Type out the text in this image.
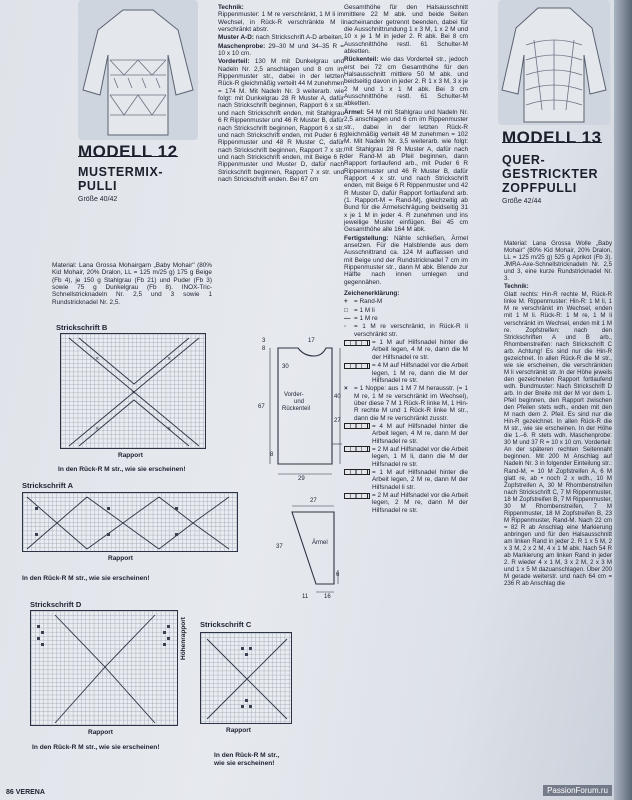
MODELL 12
MUSTERMIX-
PULLI
Größe 40/42

Material: Lana Grossa Mohairgarn „Baby Mohair" (80% Kid Mohair, 20% Dralon, LL = 125 m/25 g) 175 g Beige (Fb 4), je 150 g Stahlgrau (Fb 21) und Puder (Fb 3) sowie 75 g Dunkelgrau (Fb 8). INOX-Tric-Schnellstricknadeln Nr. 2,5 und 3 sowie 1 Rundstricknadel Nr. 2,5.

Technik:
Rippenmuster: 1 M re verschränkt, 1 M li im Wechsel, in Rück-R verschränkte M li verschränkt abstr.

Muster A-D: nach Strickschrift A-D arbeiten.

Maschenprobe: 29–30 M und 34–35 R = 10 x 10 cm.

Vorderteil: 130 M mit Dunkelgrau und Nadeln Nr. 2,5 anschlagen und 8 cm im Rippenmuster str., dabei in der letzten Rück-R gleichmäßig verteilt 44 M zunehmen = 174 M. Mit Nadeln Nr. 3 weiterarb. wie folgt: mit Dunkelgrau 28 R Muster A, dafür nach Strickschrift beginnen, Rapport 6 x str. und nach Strickschrift enden, mit Stahlgrau 6 R Rippenmuster und 46 R Muster B, dafür nach Strickschrift beginnen, Rapport 6 x str. und nach Strickschrift enden, mit Puder 6 R Rippenmuster und 48 R Muster C, dafür nach Strickschrift beginnen, Rapport 7 x str. und nach Strickschrift enden, mit Beige 6 R Rippenmuster und Muster D, dafür nach Strickschrift beginnen, Rapport 7 x str. und nach Strickschrift enden. Bei 67 cm

Gesamthöhe für den Halsausschnitt mittlere 22 M abk. und beide Seiten nacheinander getrennt beenden, dabei für die Ausschnittrundung 1 x 3 M, 1 x 2 M und 10 x je 1 M in jeder 2. R abk. Bei 8 cm Ausschnitthöhe restl. 61 Schulter-M abketten.

Rückenteil: wie das Vorderteil str., jedoch erst bei 72 cm Gesamthöhe für den Halsausschnitt mittlere 50 M abk. und beidseitig davon in jeder 2. R 1 x 3 M, 3 x je 2 M und 1 x 1 M abk. Bei 3 cm Ausschnitthöhe restl. 61 Schulter-M abketten.

Ärmel: 54 M mit Stahlgrau und Nadeln Nr. 2,5 anschlagen und 6 cm im Rippenmuster str., dabei in der letzten Rück-R gleichmäßig verteilt 48 M zunehmen = 102 M. Mit Nadeln Nr. 3,5 weiterarb. wie folgt: mit Stahlgrau 28 R Muster A, dafür nach der Rand-M ab Pfeil beginnen, dann Rapport fortlaufend arb., mit Puder 6 R Rippenmuster und 46 R Muster B, dafür Rapport 4 x str. und nach Strickschrift enden, mit Beige 6 R Rippenmuster und 42 R Muster D, dafür Rapport fortlaufend arb. (1. Rapport-M = Rand-M), gleichzeitig ab Bund für die Ärmelschrägung beidseitig 31 x je 1 M in jeder 4. R zunehmen und ins jeweilige Muster einfügen. Bei 45 cm Gesamthöhe alle 164 M abk.

Fertigstellung: Nähte schließen, Ärmel ansetzen. Für die Halsblende aus dem Ausschnittrand ca. 124 M auffassen und mit Beige und der Rundstricknadel 7 cm im Rippenmuster str., dann M abk. Blende zur Hälfte nach innen umlegen und gegennähen.

Zeichenerklärung:

+ = Rand-M
□ = 1 M li
— = 1 M re
◦	= 1 M re verschränkt, in Rück-R li verschränkt str.
= 1 M auf Hilfsnadel hinter die Arbeit legen, 4 M re, dann die M der Hilfsnadel re str.
= 4 M auf Hilfsnadel vor die Arbeit legen, 1 M re, dann die M der Hilfsnadel re str.
× = 1 Noppe: aus 1 M 7 M herausstr. (= 1 M re, 1 M re verschränkt im Wechsel), über diese 7 M 1 Rück-R linke M, 1 Hin-R rechte M und 1 Rück-R linke M str., dann die M re verschränkt zusstr.
= 4 M auf Hilfsnadel hinter die Arbeit legen, 4 M re, dann M der Hilfsnadel re str.
= 2 M auf Hilfsnadel vor die Arbeit legen, 1 M li, dann die M der Hilfsnadel re str.
= 1 M auf Hilfsnadel hinter die Arbeit legen, 2 M re, dann M der Hilfsnadel li str.
= 2 M auf Hilfsnadel vor die Arbeit legen, 2 M re, dann M der Hilfsnadel re str.
MODELL 13
QUER-
GESTRICKTER
ZOPFPULLI
Größe 42/44

Material: Lana Grossa Wolle „Baby Mohair" (80% Kid Mohair, 20% Dralon, LL = 125 m/25 g) 525 g Aprikot (Fb 3). JMRA-Axe-Schnellstricknadeln Nr. 2,5 und 3, eine kurze Rundstricknadel Nr. 3.

Technik:

Glatt rechts: Hin-R rechte M, Rück-R linke M. Rippenmuster: Hin-R: 1 M li, 1 M re verschränkt im Wechsel, enden mit 1 M li. Rück-R: 1 M re, 1 M li verschränkt im Wechsel, enden mit 1 M re. Zopfstreifen: nach den Strickschriften A und B arb., Rhombenstreifen: nach Strickschrift C arb. Achtung! Es sind nur die Hin-R gezeichnet. In allen Rück-R die M str., wie sie erscheinen, die verschränkten M li verschränkt str. In der Höhe jeweils den gezeichneten Rapport fortlaufend wdh. Bundmuster: Nach Strickschrift D arb. In der Breite mit der M vor dem 1. Pfeil beginnen, den Rapport zwischen den Pfeilen stets wdh., enden mit den M nach dem 2. Pfeil. Es sind nur die Hin-R gezeichnet. In allen Rück-R die M str., wie sie erscheinen. In der Höhe die 1.–6. R stets wdh. Maschenprobe: 30 M und 37 R = 10 x 10 cm. Vorderteil: An der späteren rechten Seitennaht beginnen. Mit 200 M Anschlag auf Nadeln Nr. 3 in folgender Einteilung str.: Rand-M, = 10 M Zopfstreifen A, 6 M glatt re, ab • noch 2 x wdh., 10 M Zopfstreifen A, 30 M Rhombenstreifen nach Strickschrift C, 7 M Rippenmuster, 18 M Zopfstreifen B, 7 M Rippenmuster, 30 M Rhombenstreifen, 7 M Rippenmuster, 18 M Zopfstreifen B, 23 M Rippenmuster, Rand-M. Nach 22 cm = 82 R ab Anschlag eine Markierung anbringen und für den Halsausschnitt am linken Rand in jeder 2. R 1 x 5 M, 2 x 3 M, 2 x 2 M, 4 x 1 M abk. Nach 54 R ab Markierung am linken Rand in jeder 2. R wieder 4 x 1 M, 3 x 2 M, 2 x 3 M und 1 x 5 M dazuanschlagen. Über 200 M gerade weiterstr. und nach 64 cm = 236 R ab Anschlag die

Strickschrift B
×	×
×	×
×
Rapport
In den Rück-R M str., wie sie erscheinen!
Strickschrift A
Rapport
In den Rück-R M str., wie sie erscheinen!
3
8
17
67
40
27
8
29
30
Vorder-
und
Rückenteil
27
37
6
11	16
Ärmel
Strickschrift D
Höhenrapport
Rapport
In den Rück-R M str., wie sie erscheinen!
Strickschrift C
Rapport
In den Rück-R M str.,
wie sie erscheinen!
86 VERENA	PassionForum.ru
